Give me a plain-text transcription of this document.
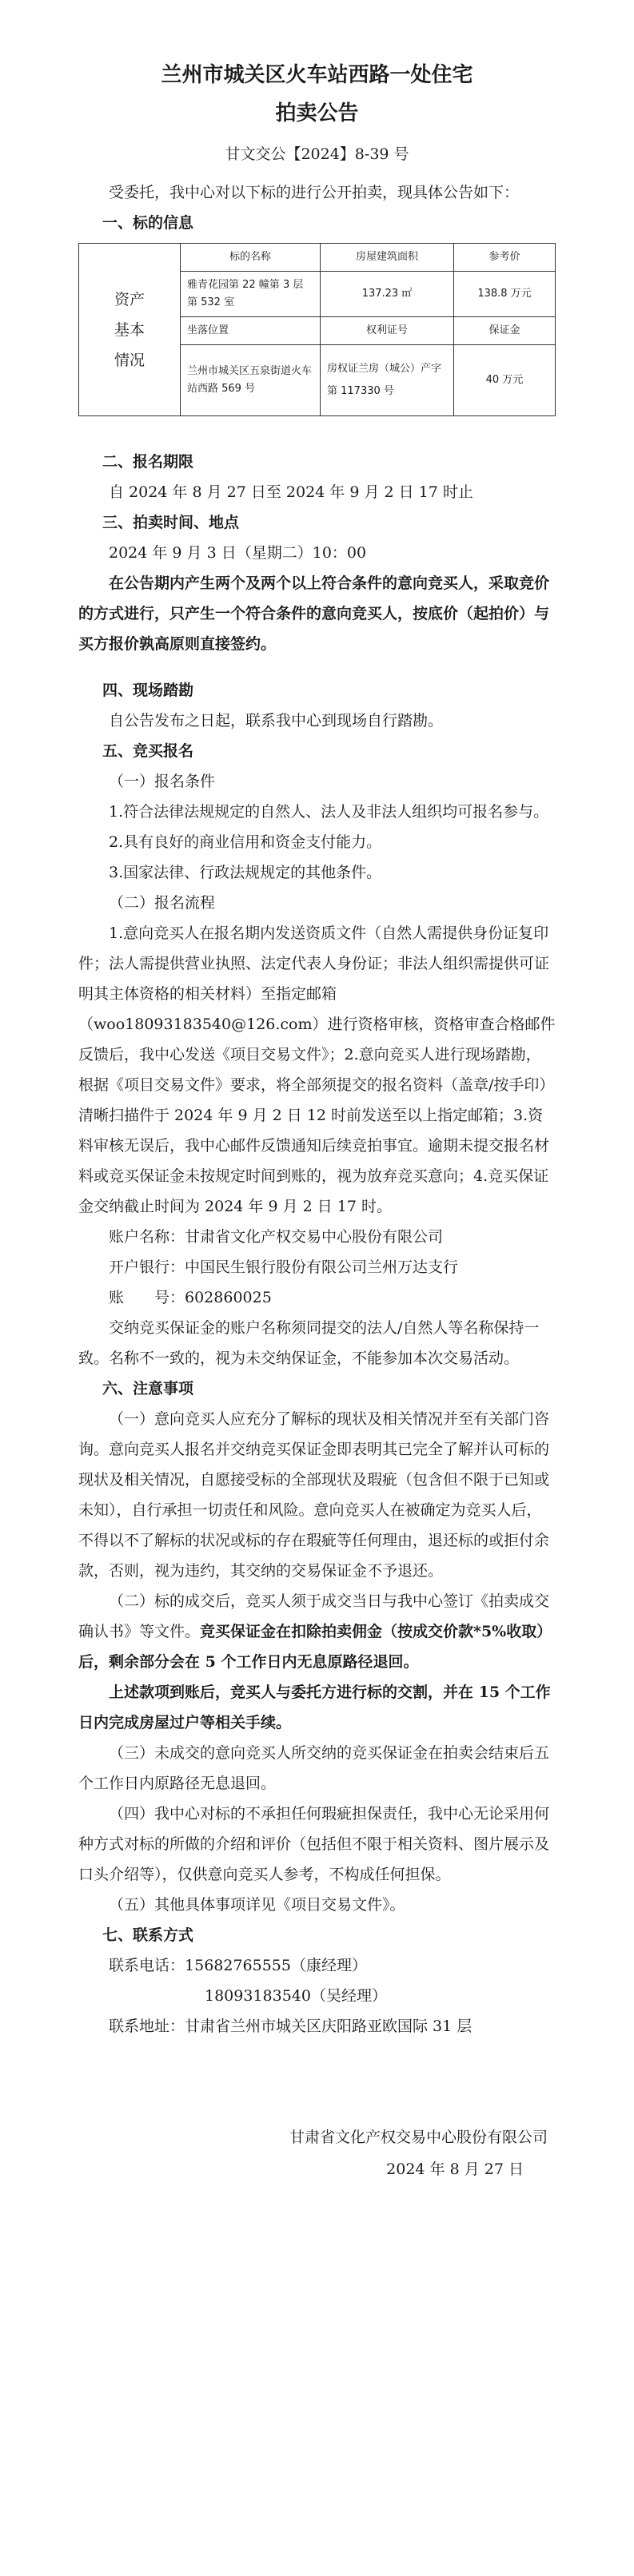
兰州市城关区火车站西路一处住宅
拍卖公告
甘文交公【2024】8-39 号

受委托，我中心对以下标的进行公开拍卖，现具体公告如下：

一、标的信息

资产
基本
情况	标的名称	房屋建筑面积	参考价
	雅青花园第 22 幢第 3 层第 532 室	137.23 ㎡	138.8 万元
	坐落位置	权利证号	保证金
	兰州市城关区五泉街道火车站西路 569 号	房权证兰房（城公）产字第 117330 号	40 万元

二、报名期限

自 2024 年 8 月 27 日至 2024 年 9 月 2 日 17 时止

三、拍卖时间、地点

2024 年 9 月 3 日（星期二）10：00

在公告期内产生两个及两个以上符合条件的意向竞买人，采取竞价的方式进行，只产生一个符合条件的意向竞买人，按底价（起拍价）与买方报价孰高原则直接签约。

四、现场踏勘

自公告发布之日起，联系我中心到现场自行踏勘。

五、竞买报名

（一）报名条件

1.符合法律法规规定的自然人、法人及非法人组织均可报名参与。

2.具有良好的商业信用和资金支付能力。

3.国家法律、行政法规规定的其他条件。

（二）报名流程

1.意向竞买人在报名期内发送资质文件（自然人需提供身份证复印件；法人需提供营业执照、法定代表人身份证；非法人组织需提供可证明其主体资格的相关材料）至指定邮箱（woo18093183540@126.com）进行资格审核，资格审查合格邮件反馈后，我中心发送《项目交易文件》；2.意向竞买人进行现场踏勘，根据《项目交易文件》要求，将全部须提交的报名资料（盖章/按手印）清晰扫描件于 2024 年 9 月 2 日 12 时前发送至以上指定邮箱；3.资料审核无误后，我中心邮件反馈通知后续竞拍事宜。逾期未提交报名材料或竞买保证金未按规定时间到账的，视为放弃竞买意向；4.竞买保证金交纳截止时间为 2024 年 9 月 2 日 17 时。

账户名称：甘肃省文化产权交易中心股份有限公司

开户银行：中国民生银行股份有限公司兰州万达支行

账　　号：602860025

交纳竞买保证金的账户名称须同提交的法人/自然人等名称保持一致。名称不一致的，视为未交纳保证金，不能参加本次交易活动。

六、注意事项

（一）意向竞买人应充分了解标的现状及相关情况并至有关部门咨询。意向竞买人报名并交纳竞买保证金即表明其已完全了解并认可标的现状及相关情况，自愿接受标的全部现状及瑕疵（包含但不限于已知或未知），自行承担一切责任和风险。意向竞买人在被确定为竞买人后，不得以不了解标的状况或标的存在瑕疵等任何理由，退还标的或拒付余款，否则，视为违约，其交纳的交易保证金不予退还。

（二）标的成交后，竞买人须于成交当日与我中心签订《拍卖成交确认书》等文件。竞买保证金在扣除拍卖佣金（按成交价款*5%收取）后，剩余部分会在 5 个工作日内无息原路径退回。

上述款项到账后，竞买人与委托方进行标的交割，并在 15 个工作日内完成房屋过户等相关手续。

（三）未成交的意向竞买人所交纳的竞买保证金在拍卖会结束后五个工作日内原路径无息退回。

（四）我中心对标的不承担任何瑕疵担保责任，我中心无论采用何种方式对标的所做的介绍和评价（包括但不限于相关资料、图片展示及口头介绍等），仅供意向竞买人参考，不构成任何担保。

（五）其他具体事项详见《项目交易文件》。

七、联系方式

联系电话：15682765555（康经理）

18093183540（吴经理）

联系地址：甘肃省兰州市城关区庆阳路亚欧国际 31 层

甘肃省文化产权交易中心股份有限公司
2024 年 8 月 27 日
